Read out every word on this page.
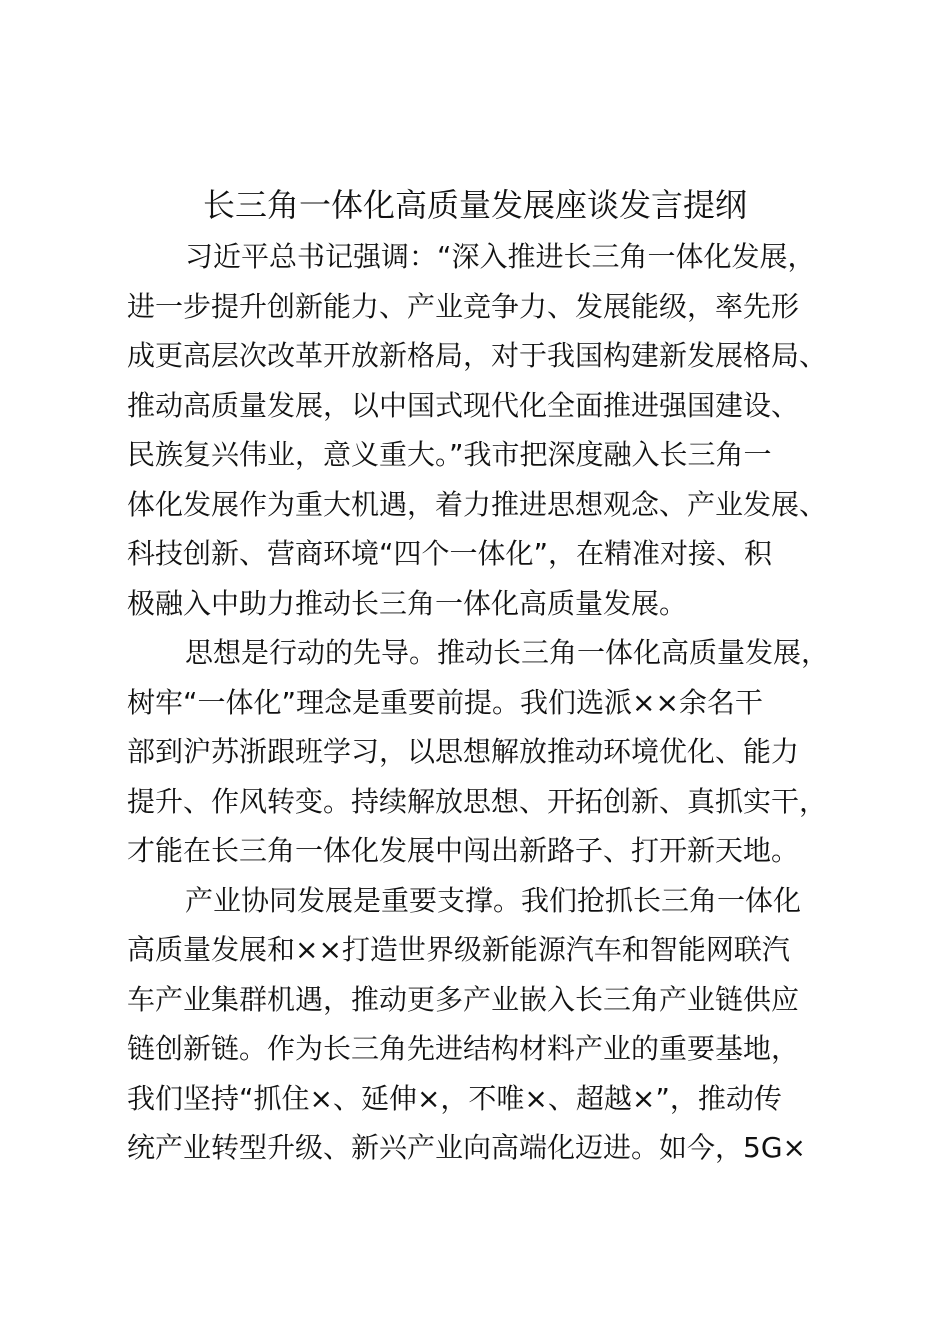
长三角一体化高质量发展座谈发言提纲
习近平总书记强调：“深入推进长三角一体化发展，
进一步提升创新能力、产业竞争力、发展能级，率先形
成更高层次改革开放新格局，对于我国构建新发展格局、
推动高质量发展，以中国式现代化全面推进强国建设、
民族复兴伟业，意义重大。”我市把深度融入长三角一
体化发展作为重大机遇，着力推进思想观念、产业发展、
科技创新、营商环境“四个一体化”，在精准对接、积
极融入中助力推动长三角一体化高质量发展。
思想是行动的先导。推动长三角一体化高质量发展，
树牢“一体化”理念是重要前提。我们选派××余名干
部到沪苏浙跟班学习，以思想解放推动环境优化、能力
提升、作风转变。持续解放思想、开拓创新、真抓实干，
才能在长三角一体化发展中闯出新路子、打开新天地。
产业协同发展是重要支撑。我们抢抓长三角一体化
高质量发展和××打造世界级新能源汽车和智能网联汽
车产业集群机遇，推动更多产业嵌入长三角产业链供应
链创新链。作为长三角先进结构材料产业的重要基地，
我们坚持“抓住×、延伸×，不唯×、超越×”，推动传
统产业转型升级、新兴产业向高端化迈进。如今，5G×
